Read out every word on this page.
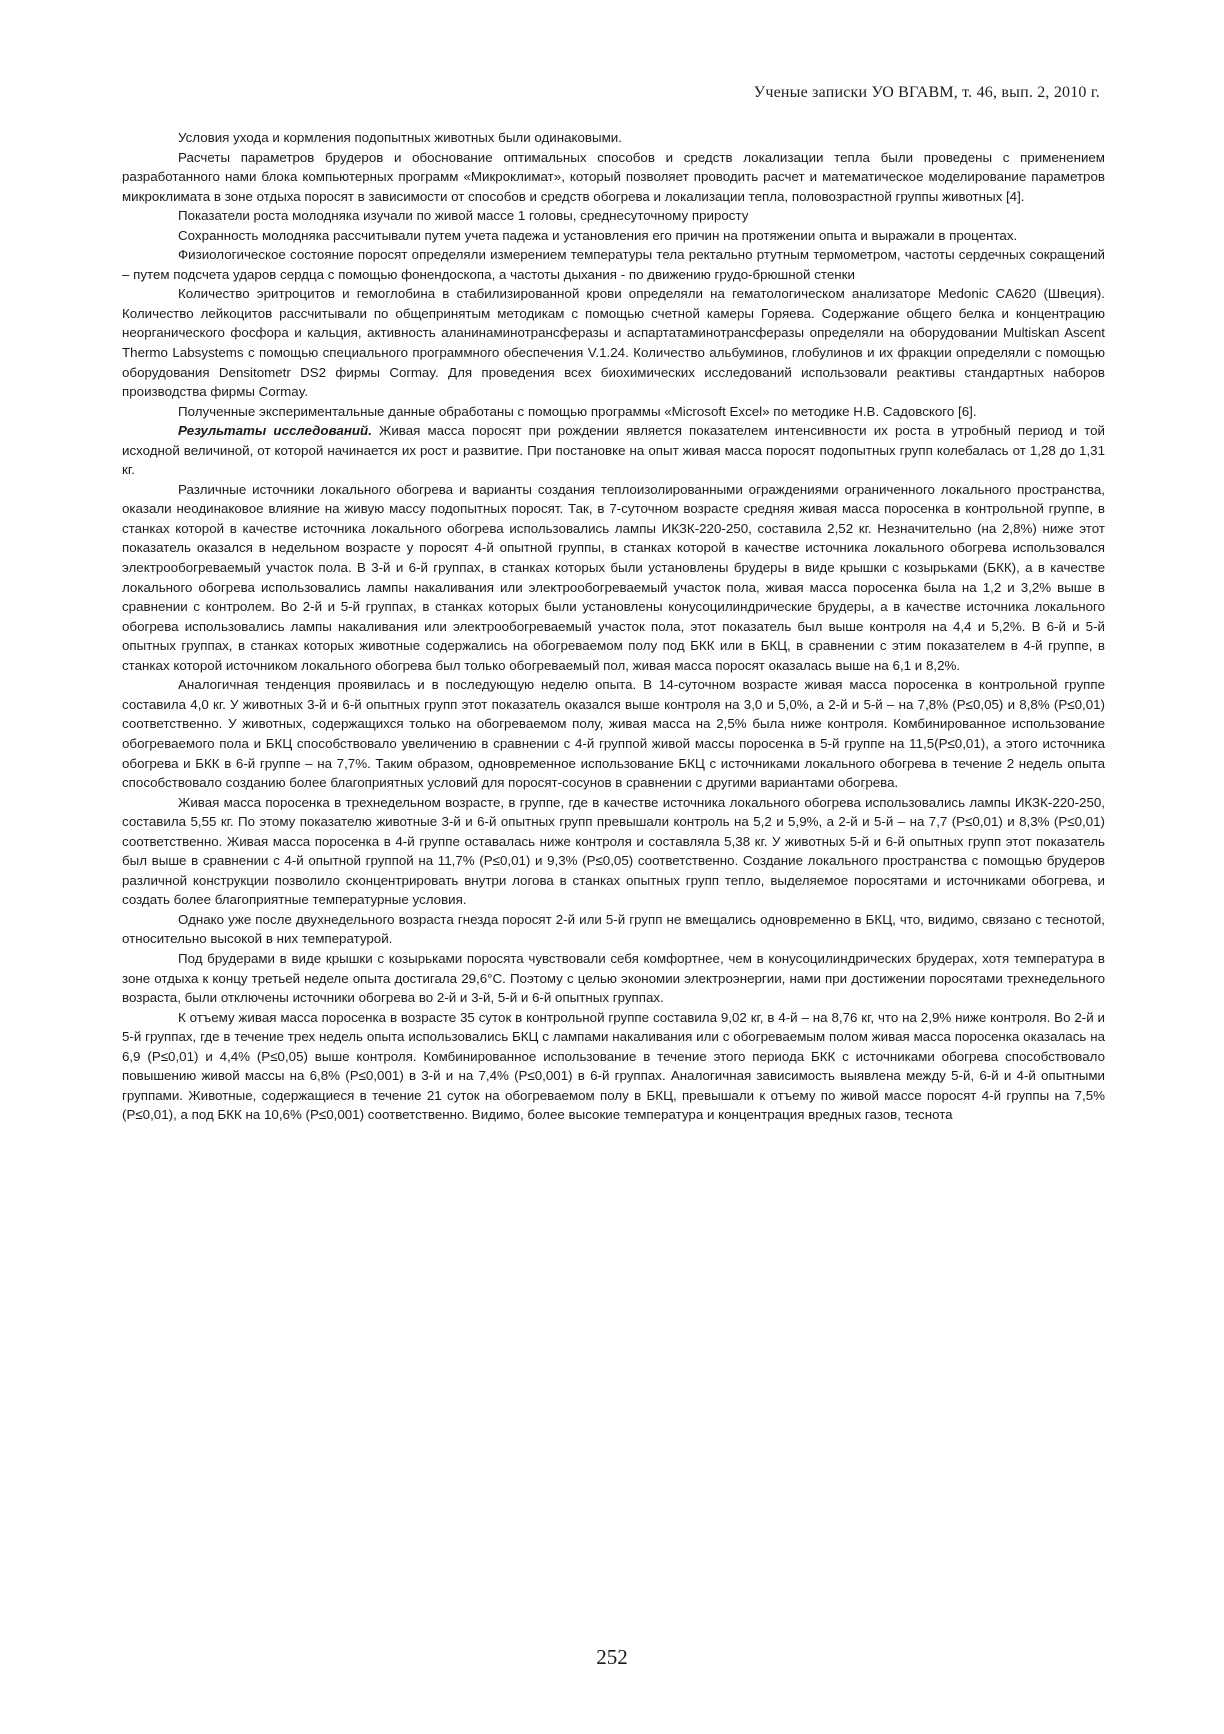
Ученые записки УО ВГАВМ, т. 46, вып. 2, 2010 г.

Условия ухода и кормления подопытных животных были одинаковыми.

Расчеты параметров брудеров и обоснование оптимальных способов и средств локализации тепла были проведены с применением разработанного нами блока компьютерных программ «Микроклимат», который позволяет проводить расчет и математическое моделирование параметров микроклимата в зоне отдыха поросят в зависимости от способов и средств обогрева и локализации тепла, половозрастной группы животных [4].

Показатели роста молодняка изучали по живой массе 1 головы, среднесуточному приросту

Сохранность молодняка рассчитывали путем учета падежа и установления его причин на протяжении опыта и выражали в процентах.

Физиологическое состояние поросят определяли измерением температуры тела ректально ртутным термометром, частоты сердечных сокращений – путем подсчета ударов сердца с помощью фонендоскопа, а частоты дыхания - по движению грудо-брюшной стенки

Количество эритроцитов и гемоглобина в стабилизированной крови определяли на гематологическом анализаторе Medonic CA620 (Швеция). Количество лейкоцитов рассчитывали по общепринятым методикам с помощью счетной камеры Горяева. Содержание общего белка и концентрацию неорганического фосфора и кальция, активность аланинаминотрансферазы и аспартатаминотрансферазы определяли на оборудовании Multiskan Ascent Thermo Labsystems с помощью специального программного обеспечения V.1.24. Количество альбуминов, глобулинов и их фракции определяли с помощью оборудования Densitometr DS2 фирмы Cormay. Для проведения всех биохимических исследований использовали реактивы стандартных наборов производства фирмы Cormay.

Полученные экспериментальные данные обработаны с помощью программы «Microsoft Excel» по методике Н.В. Садовского [6].

Результаты исследований. Живая масса поросят при рождении является показателем интенсивности их роста в утробный период и той исходной величиной, от которой начинается их рост и развитие. При постановке на опыт живая масса поросят подопытных групп колебалась от 1,28 до 1,31 кг.

Различные источники локального обогрева и варианты создания теплоизолированными ограждениями ограниченного локального пространства, оказали неодинаковое влияние на живую массу подопытных поросят. Так, в 7-суточном возрасте средняя живая масса поросенка в контрольной группе, в станках которой в качестве источника локального обогрева использовались лампы ИКЗК-220-250, составила 2,52 кг. Незначительно (на 2,8%) ниже этот показатель оказался в недельном возрасте у поросят 4-й опытной группы, в станках которой в качестве источника локального обогрева использовался электрообогреваемый участок пола. В 3-й и 6-й группах, в станках которых были установлены брудеры в виде крышки с козырьками (БКК), а в качестве локального обогрева использовались лампы накаливания или электрообогреваемый участок пола, живая масса поросенка была на 1,2 и 3,2% выше в сравнении с контролем. Во 2-й и 5-й группах, в станках которых были установлены конусоцилиндрические брудеры, а в качестве источника локального обогрева использовались лампы накаливания или электрообогреваемый участок пола, этот показатель был выше контроля на 4,4 и 5,2%. В 6-й и 5-й опытных группах, в станках которых животные содержались на обогреваемом полу под БКК или в БКЦ, в сравнении с этим показателем в 4-й группе, в станках которой источником локального обогрева был только обогреваемый пол, живая масса поросят оказалась выше на 6,1 и 8,2%.

Аналогичная тенденция проявилась и в последующую неделю опыта. В 14-суточном возрасте живая масса поросенка в контрольной группе составила 4,0 кг. У животных 3-й и 6-й опытных групп этот показатель оказался выше контроля на 3,0 и 5,0%, а 2-й и 5-й – на 7,8% (P≤0,05) и 8,8% (P≤0,01) соответственно. У животных, содержащихся только на обогреваемом полу, живая масса на 2,5% была ниже контроля. Комбинированное использование обогреваемого пола и БКЦ способствовало увеличению в сравнении с 4-й группой живой массы поросенка в 5-й группе на 11,5(P≤0,01), а этого источника обогрева и БКК в 6-й группе – на 7,7%. Таким образом, одновременное использование БКЦ с источниками локального обогрева в течение 2 недель опыта способствовало созданию более благоприятных условий для поросят-сосунов в сравнении с другими вариантами обогрева.

Живая масса поросенка в трехнедельном возрасте, в группе, где в качестве источника локального обогрева использовались лампы ИКЗК-220-250, составила 5,55 кг. По этому показателю животные 3-й и 6-й опытных групп превышали контроль на 5,2 и 5,9%, а 2-й и 5-й – на 7,7 (P≤0,01) и 8,3% (P≤0,01) соответственно. Живая масса поросенка в 4-й группе оставалась ниже контроля и составляла 5,38 кг. У животных 5-й и 6-й опытных групп этот показатель был выше в сравнении с 4-й опытной группой на 11,7% (P≤0,01) и 9,3% (P≤0,05) соответственно. Создание локального пространства с помощью брудеров различной конструкции позволило сконцентрировать внутри логова в станках опытных групп тепло, выделяемое поросятами и источниками обогрева, и создать более благоприятные температурные условия.

Однако уже после двухнедельного возраста гнезда поросят 2-й или 5-й групп не вмещались одновременно в БКЦ, что, видимо, связано с теснотой, относительно высокой в них температурой.

Под брудерами в виде крышки с козырьками поросята чувствовали себя комфортнее, чем в конусоцилиндрических брудерах, хотя температура в зоне отдыха к концу третьей неделе опыта достигала 29,6°С. Поэтому с целью экономии электроэнергии, нами при достижении поросятами трехнедельного возраста, были отключены источники обогрева во 2-й и 3-й, 5-й и 6-й опытных группах.

К отъему живая масса поросенка в возрасте 35 суток в контрольной группе составила 9,02 кг, в 4-й – на 8,76 кг, что на 2,9% ниже контроля. Во 2-й и 5-й группах, где в течение трех недель опыта использовались БКЦ с лампами накаливания или с обогреваемым полом живая масса поросенка оказалась на 6,9 (P≤0,01) и 4,4% (P≤0,05) выше контроля. Комбинированное использование в течение этого периода БКК с источниками обогрева способствовало повышению живой массы на 6,8% (P≤0,001) в 3-й и на 7,4% (P≤0,001) в 6-й группах. Аналогичная зависимость выявлена между 5-й, 6-й и 4-й опытными группами. Животные, содержащиеся в течение 21 суток на обогреваемом полу в БКЦ, превышали к отъему по живой массе поросят 4-й группы на 7,5% (P≤0,01), а под БКК на 10,6% (P≤0,001) соответственно. Видимо, более высокие температура и концентрация вредных газов, теснота

252
